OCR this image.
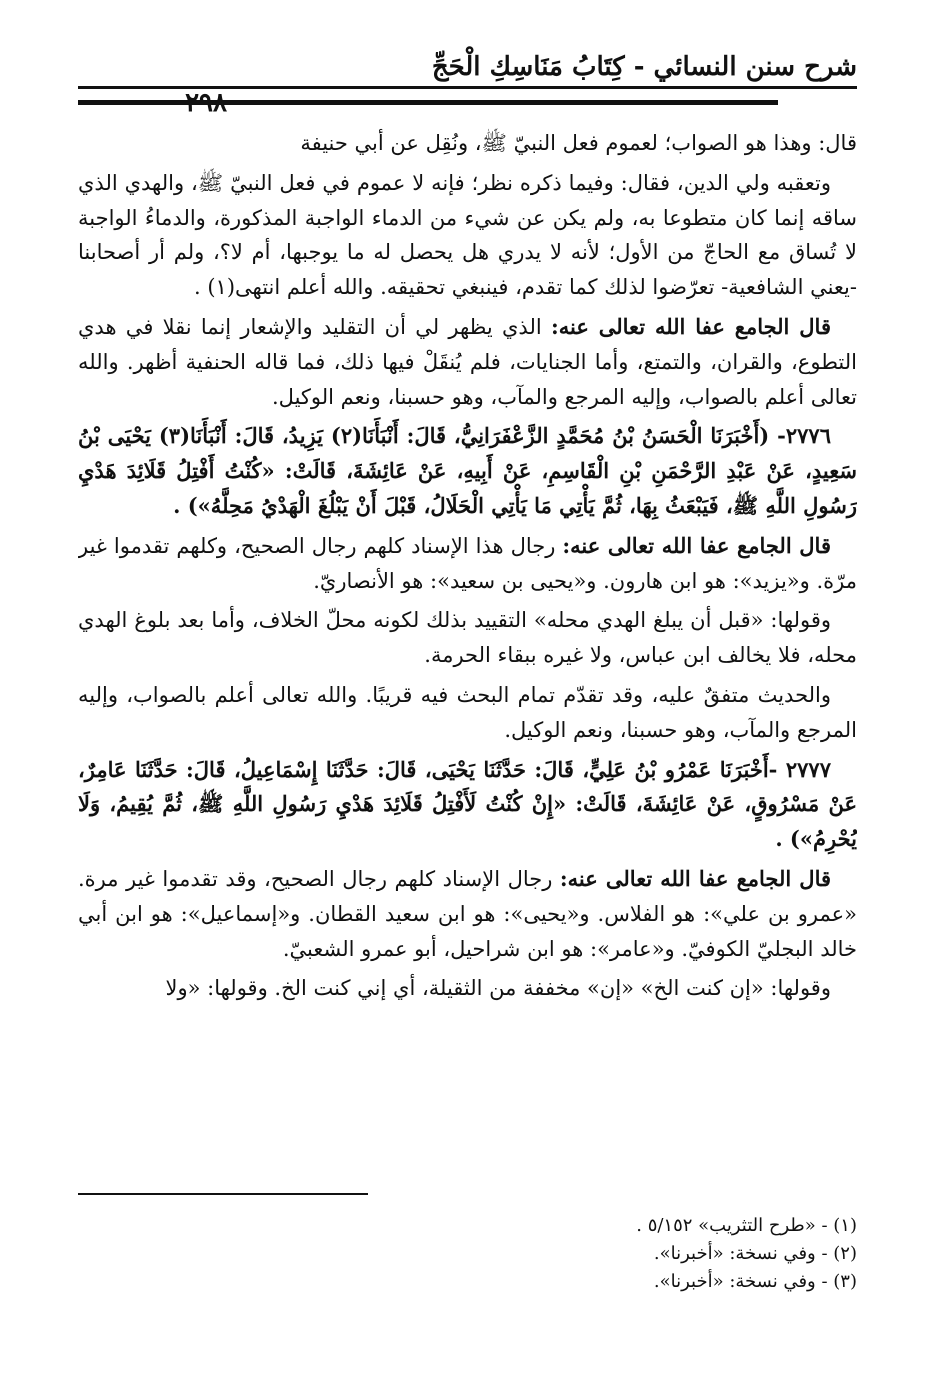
شرح سنن النسائي - كِتَابُ مَنَاسِكِ الْحَجِّ
٢٩٨

قال: وهذا هو الصواب؛ لعموم فعل النبيّ ﷺ، ونُقِل عن أبي حنيفة

وتعقبه ولي الدين، فقال: وفيما ذكره نظر؛ فإنه لا عموم في فعل النبيّ ﷺ، والهدي الذي ساقه إنما كان متطوعا به، ولم يكن عن شيء من الدماء الواجبة المذكورة، والدماءُ الواجبة لا تُساق مع الحاجّ من الأول؛ لأنه لا يدري هل يحصل له ما يوجبها، أم لا؟، ولم أر أصحابنا -يعني الشافعية- تعرّضوا لذلك كما تقدم، فينبغي تحقيقه. والله أعلم انتهى(١) .

قال الجامع عفا الله تعالى عنه: الذي يظهر لي أن التقليد والإشعار إنما نقلا في هدي التطوع، والقران، والتمتع، وأما الجنايات، فلم يُنقَلْ فيها ذلك، فما قاله الحنفية أظهر. والله تعالى أعلم بالصواب، وإليه المرجع والمآب، وهو حسبنا، ونعم الوكيل.

٢٧٧٦- (أَخْبَرَنَا الْحَسَنُ بْنُ مُحَمَّدٍ الزَّعْفَرَانِيُّ، قَالَ: أَنْبَأَنَا(٢) يَزِيدُ، قَالَ: أَنْبَأَنَا(٣) يَحْيَى بْنُ سَعِيدٍ، عَنْ عَبْدِ الرَّحْمَنِ بْنِ الْقَاسِمِ، عَنْ أَبِيهِ، عَنْ عَائِشَةَ، قَالَتْ: «كُنْتُ أَفْتِلُ قَلَائِدَ هَدْيِ رَسُولِ اللَّهِ ﷺ، فَيَبْعَثُ بِهَا، ثُمَّ يَأْتِي مَا يَأْتِي الْحَلَالُ، قَبْلَ أَنْ يَبْلُغَ الْهَدْيُ مَحِلَّهُ») .

قال الجامع عفا الله تعالى عنه: رجال هذا الإسناد كلهم رجال الصحيح، وكلهم تقدموا غير مرّة. و«يزيد»: هو ابن هارون. و«يحيى بن سعيد»: هو الأنصاريّ.

وقولها: «قبل أن يبلغ الهدي محله» التقييد بذلك لكونه محلّ الخلاف، وأما بعد بلوغ الهدي محله، فلا يخالف ابن عباس، ولا غيره ببقاء الحرمة.

والحديث متفقٌ عليه، وقد تقدّم تمام البحث فيه قريبًا. والله تعالى أعلم بالصواب، وإليه المرجع والمآب، وهو حسبنا، ونعم الوكيل.

٢٧٧٧ -أَخْبَرَنَا عَمْرُو بْنُ عَلِيٍّ، قَالَ: حَدَّثَنَا يَحْيَى، قَالَ: حَدَّثَنَا إِسْمَاعِيلُ، قَالَ: حَدَّثَنَا عَامِرٌ، عَنْ مَسْرُوقٍ، عَنْ عَائِشَةَ، قَالَتْ: «إِنْ كُنْتُ لَأَفْتِلُ قَلَائِدَ هَدْيِ رَسُولِ اللَّهِ ﷺ، ثُمَّ يُقِيمُ، وَلَا يُحْرِمُ») .

قال الجامع عفا الله تعالى عنه: رجال الإسناد كلهم رجال الصحيح، وقد تقدموا غير مرة. «عمرو بن علي»: هو الفلاس. و«يحيى»: هو ابن سعيد القطان. و«إسماعيل»: هو ابن أبي خالد البجليّ الكوفيّ. و«عامر»: هو ابن شراحيل، أبو عمرو الشعبيّ.

وقولها: «إن كنت الخ» «إن» مخففة من الثقيلة، أي إني كنت الخ. وقولها: «ولا

(١) - «طرح التثريب» ٥/١٥٢ .

(٢) - وفي نسخة: «أخبرنا».

(٣) - وفي نسخة: «أخبرنا».
